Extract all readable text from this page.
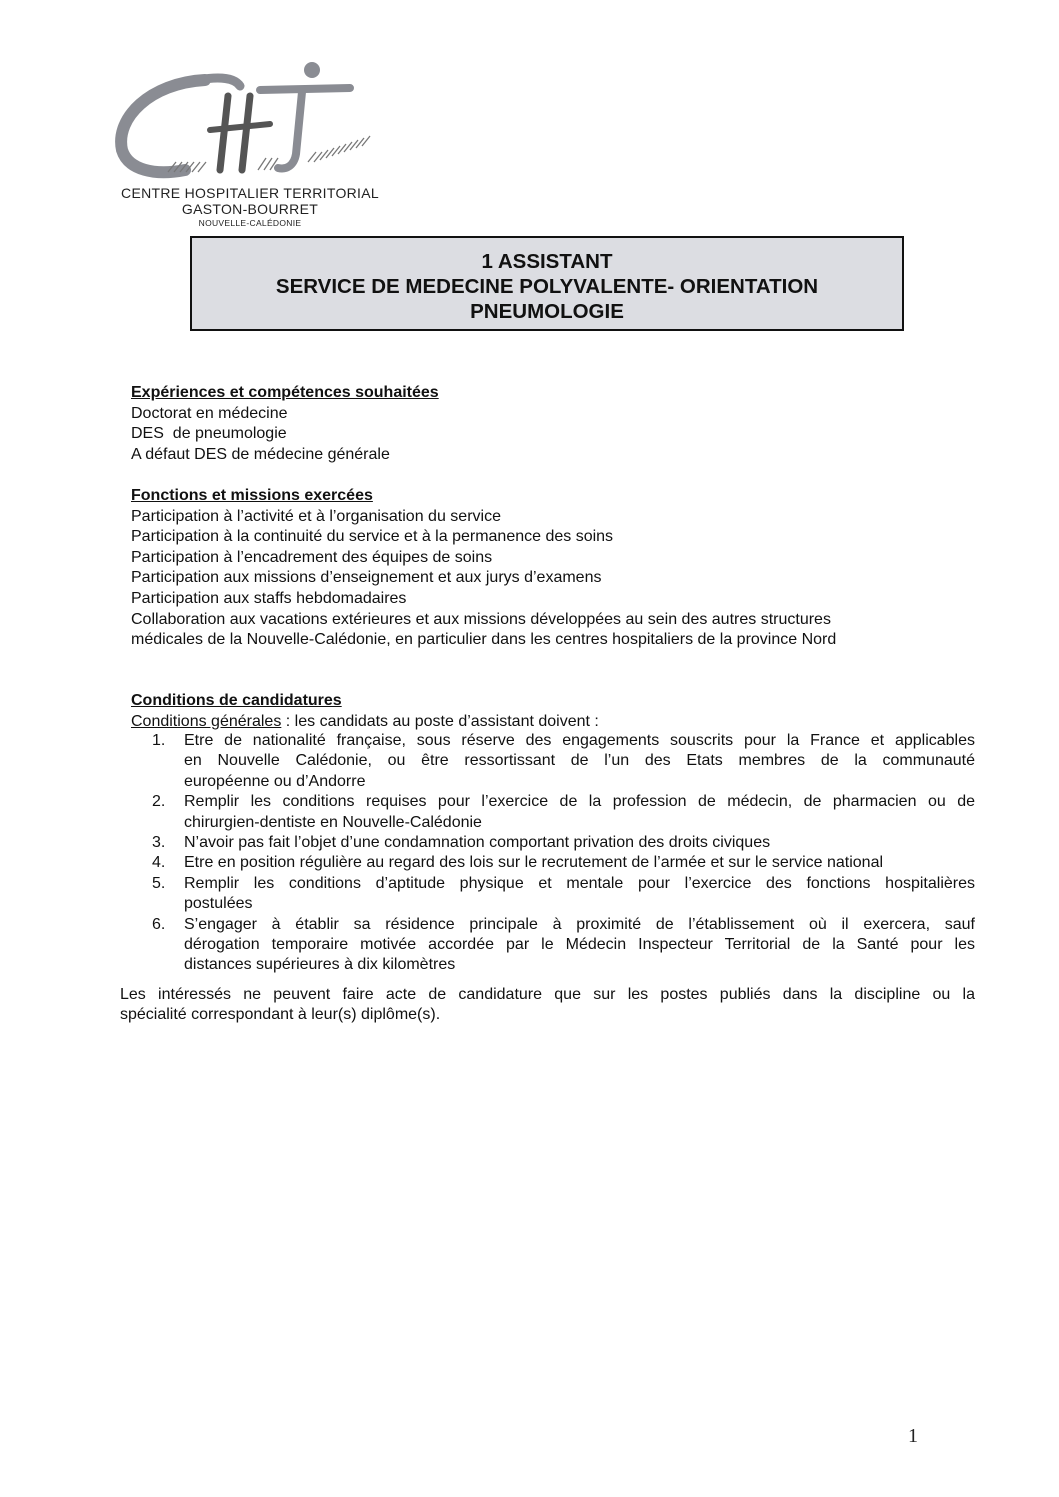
CENTRE HOSPITALIER TERRITORIAL
GASTON-BOURRET
NOUVELLE-CALÉDONIE
1 ASSISTANT
SERVICE DE MEDECINE POLYVALENTE- ORIENTATION
PNEUMOLOGIE
Expériences et compétences souhaitées
Doctorat en médecine
DES  de pneumologie
A défaut DES de médecine générale
Fonctions et missions exercées
Participation à l’activité et à l’organisation du service
Participation à la continuité du service et à la permanence des soins
Participation à l’encadrement des équipes de soins
Participation aux missions d’enseignement et aux jurys d’examens
Participation aux staffs hebdomadaires
Collaboration aux vacations extérieures et aux missions développées au sein des autres structures
médicales de la Nouvelle-Calédonie, en particulier dans les centres hospitaliers de la province Nord
Conditions de candidatures
Conditions générales : les candidats au poste d’assistant doivent :
1. Etre de nationalité française, sous réserve des engagements souscrits pour la France et applicables
en Nouvelle Calédonie, ou être ressortissant de l’un des Etats membres de la communauté
européenne ou d’Andorre
2. Remplir les conditions requises pour l’exercice de la profession de médecin, de pharmacien ou de
chirurgien-dentiste en Nouvelle-Calédonie
3. N’avoir pas fait l’objet d’une condamnation comportant privation des droits civiques
4. Etre en position régulière au regard des lois sur le recrutement de l’armée et sur le service national
5. Remplir les conditions d’aptitude physique et mentale pour l’exercice des fonctions hospitalières
postulées
6. S’engager à établir sa résidence principale à proximité de l’établissement où il exercera, sauf
dérogation temporaire motivée accordée par le Médecin Inspecteur Territorial de la Santé pour les
distances supérieures à dix kilomètres
Les intéressés ne peuvent faire acte de candidature que sur les postes publiés dans la discipline ou la
spécialité correspondant à leur(s) diplôme(s).
1
